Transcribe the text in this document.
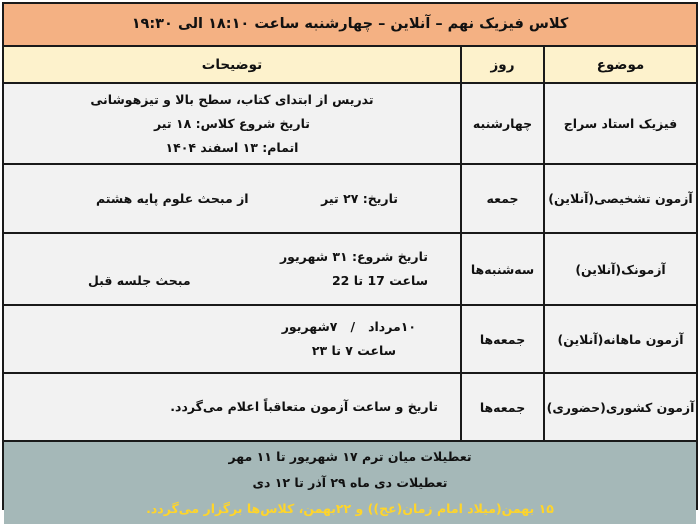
کلاس فیزیک نهم – آنلاین – چهارشنبه ساعت ۱۸:۱۰ الی ۱۹:۳۰
موضوع
روز
توضیحات
فیزیک استاد سراج
چهارشنبه
تدریس از ابتدای کتاب، سطح بالا و تیزهوشانی
تاریخ شروع کلاس: ۱۸ تیر
اتمام: ۱۳ اسفند ۱۴۰۴
آزمون تشخیصی(آنلاین)
جمعه
تاریخ: ۲۷ تیر
از مبحث علوم پایه هشتم
آزمونک(آنلاین)
سه‌شنبه‌ها
تاریخ شروع: ۳۱ شهریور
ساعت 17 تا 22
مبحث جلسه قبل
آزمون ماهانه(آنلاین)
جمعه‌ها
۱۰مرداد   /   ۷شهریور
ساعت ۷ تا ۲۳
آزمون کشوری(حضوری)
جمعه‌ها
تاریخ و ساعت آزمون متعاقباً اعلام می‌گردد.
تعطیلات میان ترم ۱۷ شهریور تا ۱۱ مهر
تعطیلات دی ماه ۲۹ آذر تا ۱۲ دی
۱۵ بهمن(میلاد امام زمان(عج)) و ۲۲بهمن، کلاس‌ها برگزار می‌گردد.
